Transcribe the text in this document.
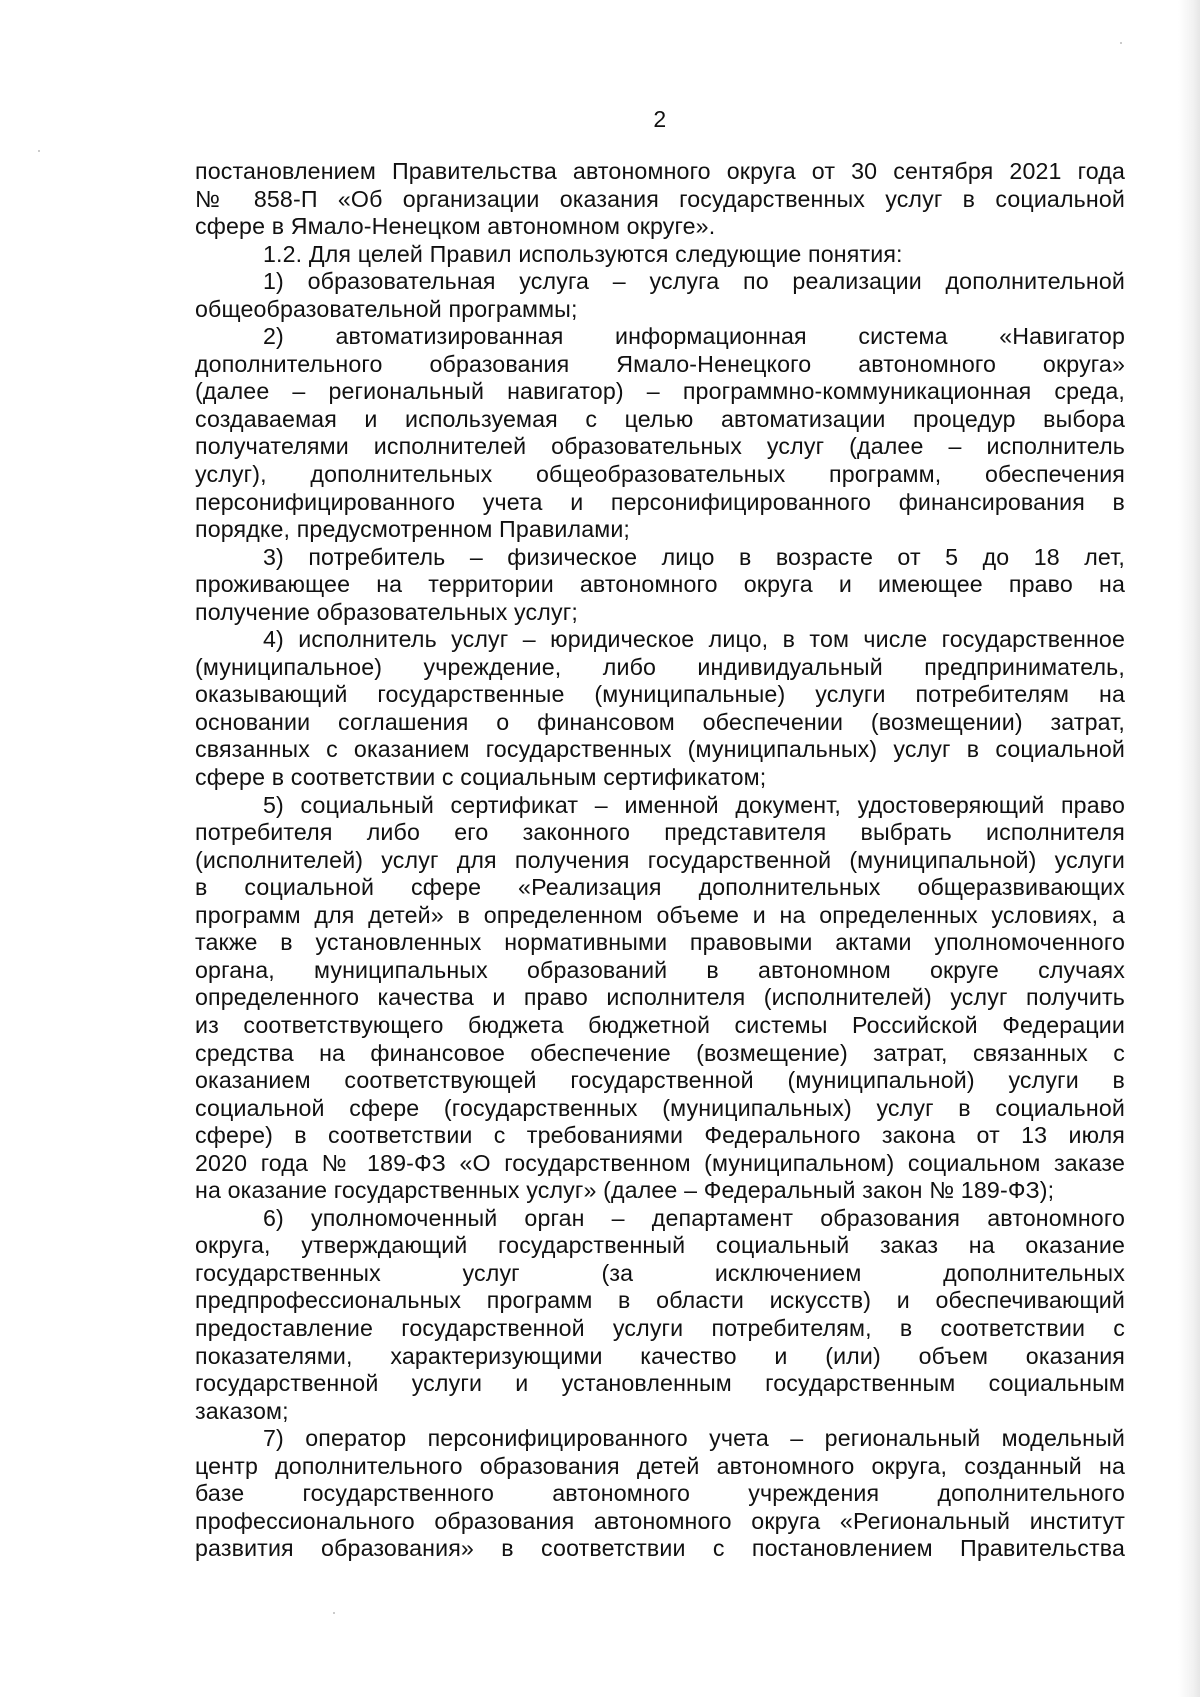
2
постановлением Правительства автономного округа от 30 сентября 2021 года
№ 858-П «Об организации оказания государственных услуг в социальной
сфере в Ямало-Ненецком автономном округе».
1.2. Для целей Правил используются следующие понятия:
1) образовательная услуга – услуга по реализации дополнительной
общеобразовательной программы;
2) автоматизированная информационная система «Навигатор
дополнительного образования Ямало-Ненецкого автономного округа»
(далее – региональный навигатор) – программно-коммуникационная среда,
создаваемая и используемая с целью автоматизации процедур выбора
получателями исполнителей образовательных услуг (далее – исполнитель
услуг), дополнительных общеобразовательных программ, обеспечения
персонифицированного учета и персонифицированного финансирования в
порядке, предусмотренном Правилами;
3) потребитель – физическое лицо в возрасте от 5 до 18 лет,
проживающее на территории автономного округа и имеющее право на
получение образовательных услуг;
4) исполнитель услуг – юридическое лицо, в том числе государственное
(муниципальное) учреждение, либо индивидуальный предприниматель,
оказывающий государственные (муниципальные) услуги потребителям на
основании соглашения о финансовом обеспечении (возмещении) затрат,
связанных с оказанием государственных (муниципальных) услуг в социальной
сфере в соответствии с социальным сертификатом;
5) социальный сертификат – именной документ, удостоверяющий право
потребителя либо его законного представителя выбрать исполнителя
(исполнителей) услуг для получения государственной (муниципальной) услуги
в социальной сфере «Реализация дополнительных общеразвивающих
программ для детей» в определенном объеме и на определенных условиях, а
также в установленных нормативными правовыми актами уполномоченного
органа, муниципальных образований в автономном округе случаях
определенного качества и право исполнителя (исполнителей) услуг получить
из соответствующего бюджета бюджетной системы Российской Федерации
средства на финансовое обеспечение (возмещение) затрат, связанных с
оказанием соответствующей государственной (муниципальной) услуги в
социальной сфере (государственных (муниципальных) услуг в социальной
сфере) в соответствии с требованиями Федерального закона от 13 июля
2020 года № 189-ФЗ «О государственном (муниципальном) социальном заказе
на оказание государственных услуг» (далее – Федеральный закон № 189-ФЗ);
6) уполномоченный орган – департамент образования автономного
округа, утверждающий государственный социальный заказ на оказание
государственных услуг (за исключением дополнительных
предпрофессиональных программ в области искусств) и обеспечивающий
предоставление государственной услуги потребителям, в соответствии с
показателями, характеризующими качество и (или) объем оказания
государственной услуги и установленным государственным социальным
заказом;
7) оператор персонифицированного учета – региональный модельный
центр дополнительного образования детей автономного округа, созданный на
базе государственного автономного учреждения дополнительного
профессионального образования автономного округа «Региональный институт
развития образования» в соответствии с постановлением Правительства
